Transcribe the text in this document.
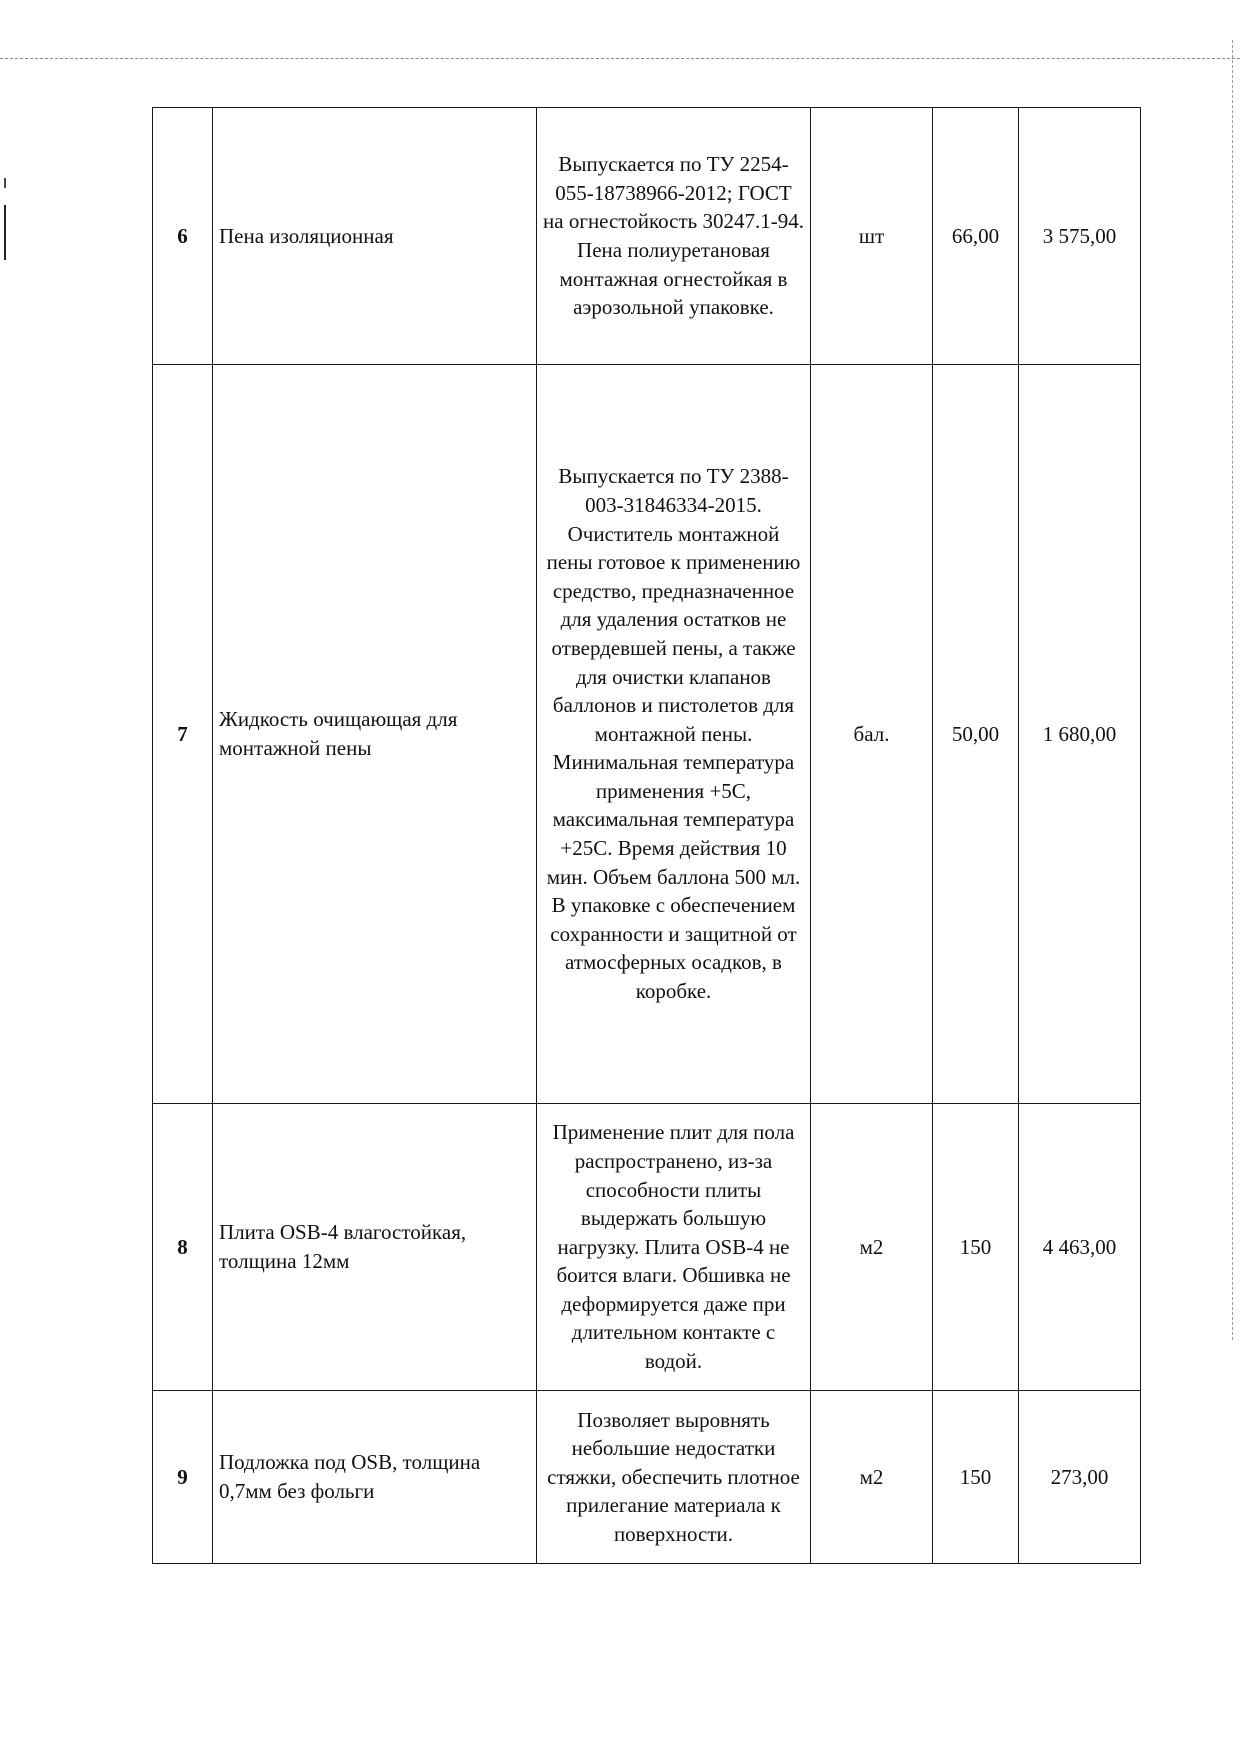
6	Пена изоляционная	Выпускается по ТУ 2254-055-18738966-2012; ГОСТ на огнестойкость 30247.1-94. Пена полиуретановая монтажная огнестойкая в аэрозольной упаковке.	шт	66,00	3 575,00
7	Жидкость очищающая для монтажной пены	Выпускается по ТУ 2388-003-31846334-2015. Очиститель монтажной пены готовое к применению средство, предназначенное для удаления остатков не отвердевшей пены, а также для очистки клапанов баллонов и пистолетов для монтажной пены. Минимальная температура применения +5С, максимальная температура +25С. Время действия 10 мин. Объем баллона 500 мл. В упаковке с обеспечением сохранности и защитной от атмосферных осадков, в коробке.	бал.	50,00	1 680,00
8	Плита OSB-4 влагостойкая, толщина 12мм	Применение плит для пола распространено, из-за способности плиты выдержать большую нагрузку. Плита OSB-4 не боится влаги. Обшивка не деформируется даже при длительном контакте с водой.	м2	150	4 463,00
9	Подложка под OSB, толщина 0,7мм без фольги	Позволяет выровнять небольшие недостатки стяжки, обеспечить плотное прилегание материала к поверхности.	м2	150	273,00
